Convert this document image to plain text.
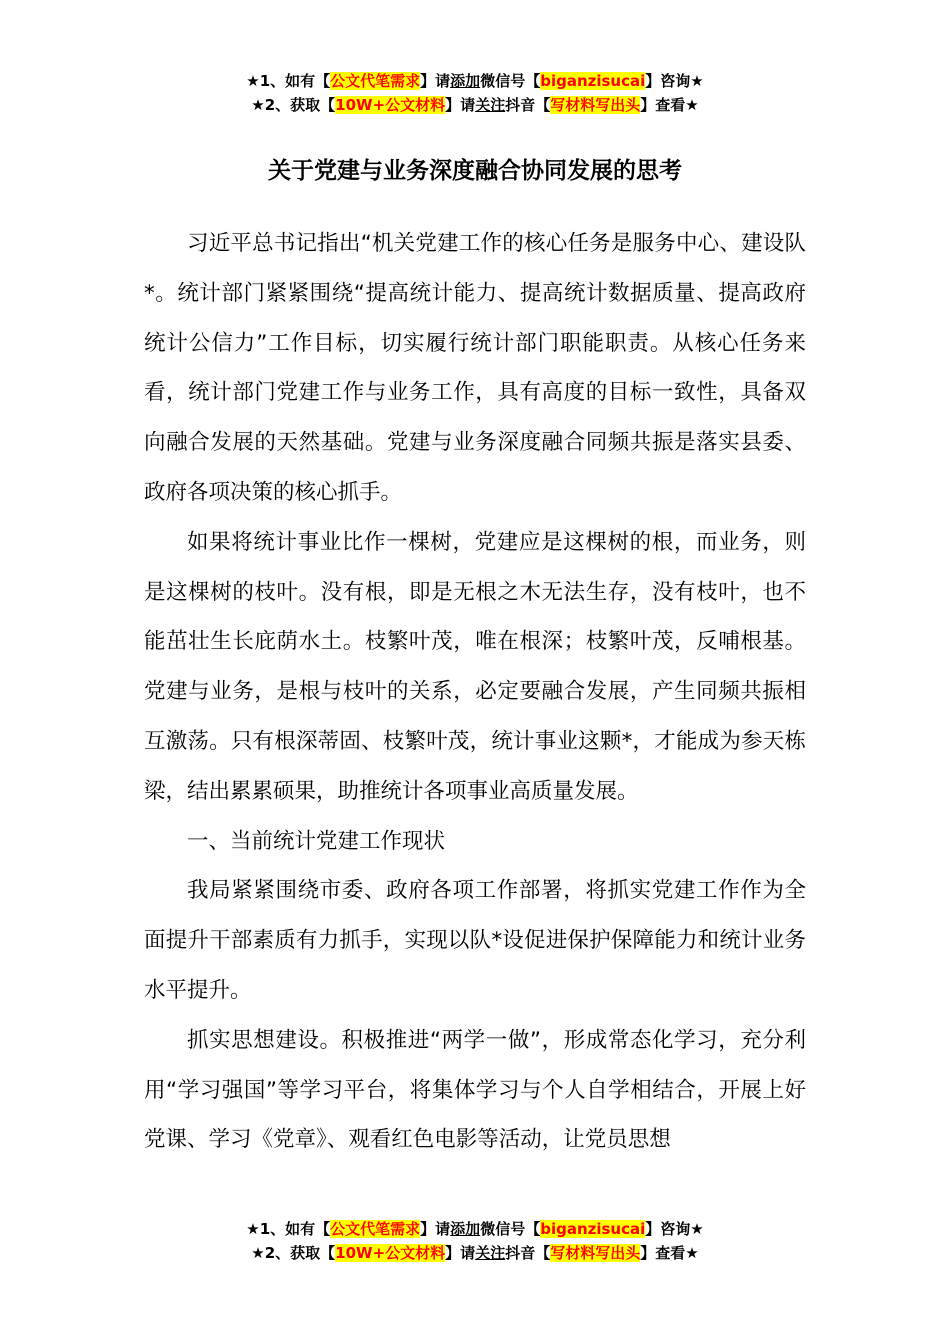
★1、如有【公文代笔需求】请添加微信号【biganzisucai】咨询★
★2、获取【10W+公文材料】请关注抖音【写材料写出头】查看★
关于党建与业务深度融合协同发展的思考

习近平总书记指出“机关党建工作的核心任务是服务中心、建设队*。统计部门紧紧围绕“提高统计能力、提高统计数据质量、提高政府统计公信力”工作目标，切实履行统计部门职能职责。从核心任务来看，统计部门党建工作与业务工作，具有高度的目标一致性，具备双向融合发展的天然基础。党建与业务深度融合同频共振是落实县委、政府各项决策的核心抓手。

如果将统计事业比作一棵树，党建应是这棵树的根，而业务，则是这棵树的枝叶。没有根，即是无根之木无法生存，没有枝叶，也不能茁壮生长庇荫水土。枝繁叶茂，唯在根深；枝繁叶茂，反哺根基。党建与业务，是根与枝叶的关系，必定要融合发展，产生同频共振相互激荡。只有根深蒂固、枝繁叶茂，统计事业这颗*，才能成为参天栋梁，结出累累硕果，助推统计各项事业高质量发展。

一、当前统计党建工作现状

我局紧紧围绕市委、政府各项工作部署，将抓实党建工作作为全面提升干部素质有力抓手，实现以队*设促进保护保障能力和统计业务水平提升。

抓实思想建设。积极推进“两学一做”，形成常态化学习，充分利用“学习强国”等学习平台，将集体学习与个人自学相结合，开展上好党课、学习《党章》、观看红色电影等活动，让党员思想

★1、如有【公文代笔需求】请添加微信号【biganzisucai】咨询★
★2、获取【10W+公文材料】请关注抖音【写材料写出头】查看★
